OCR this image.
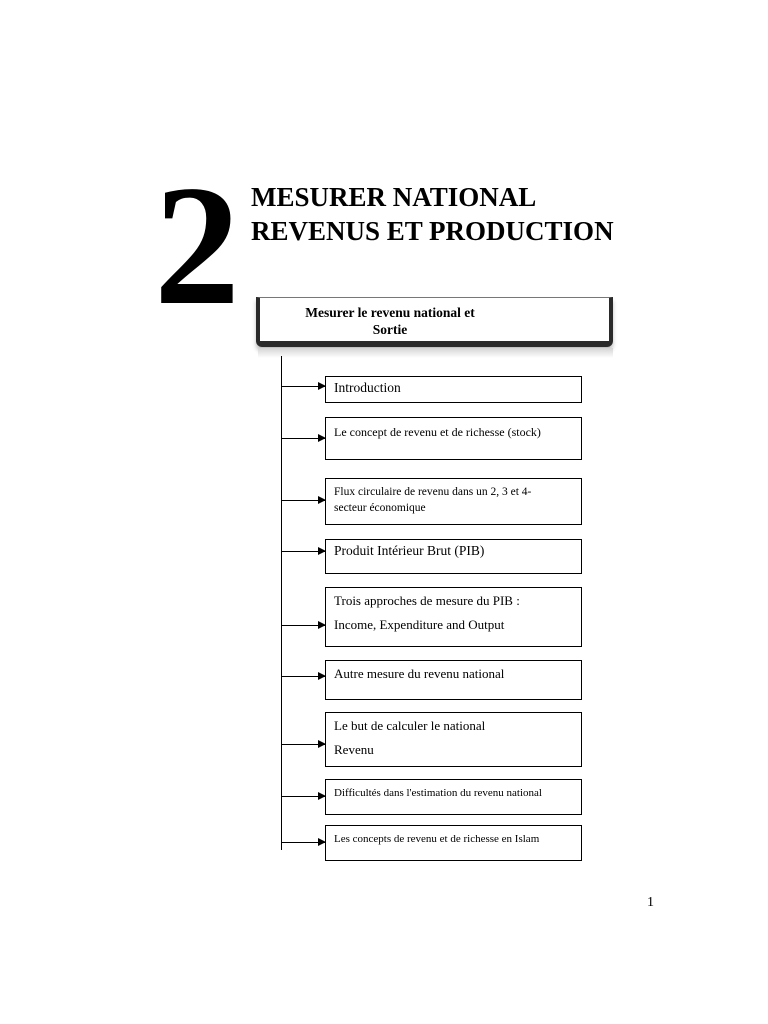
2 MESURER NATIONAL
REVENUS ET PRODUCTION
Mesurer le revenu national et
Sortie
Introduction
Le concept de revenu et de richesse (stock)
Flux circulaire de revenu dans un 2, 3 et 4-
secteur économique
Produit Intérieur Brut (PIB)
Trois approches de mesure du PIB :
Income, Expenditure and Output
Autre mesure du revenu national
Le but de calculer le national
Revenu
Difficultés dans l'estimation du revenu national
Les concepts de revenu et de richesse en Islam
1
